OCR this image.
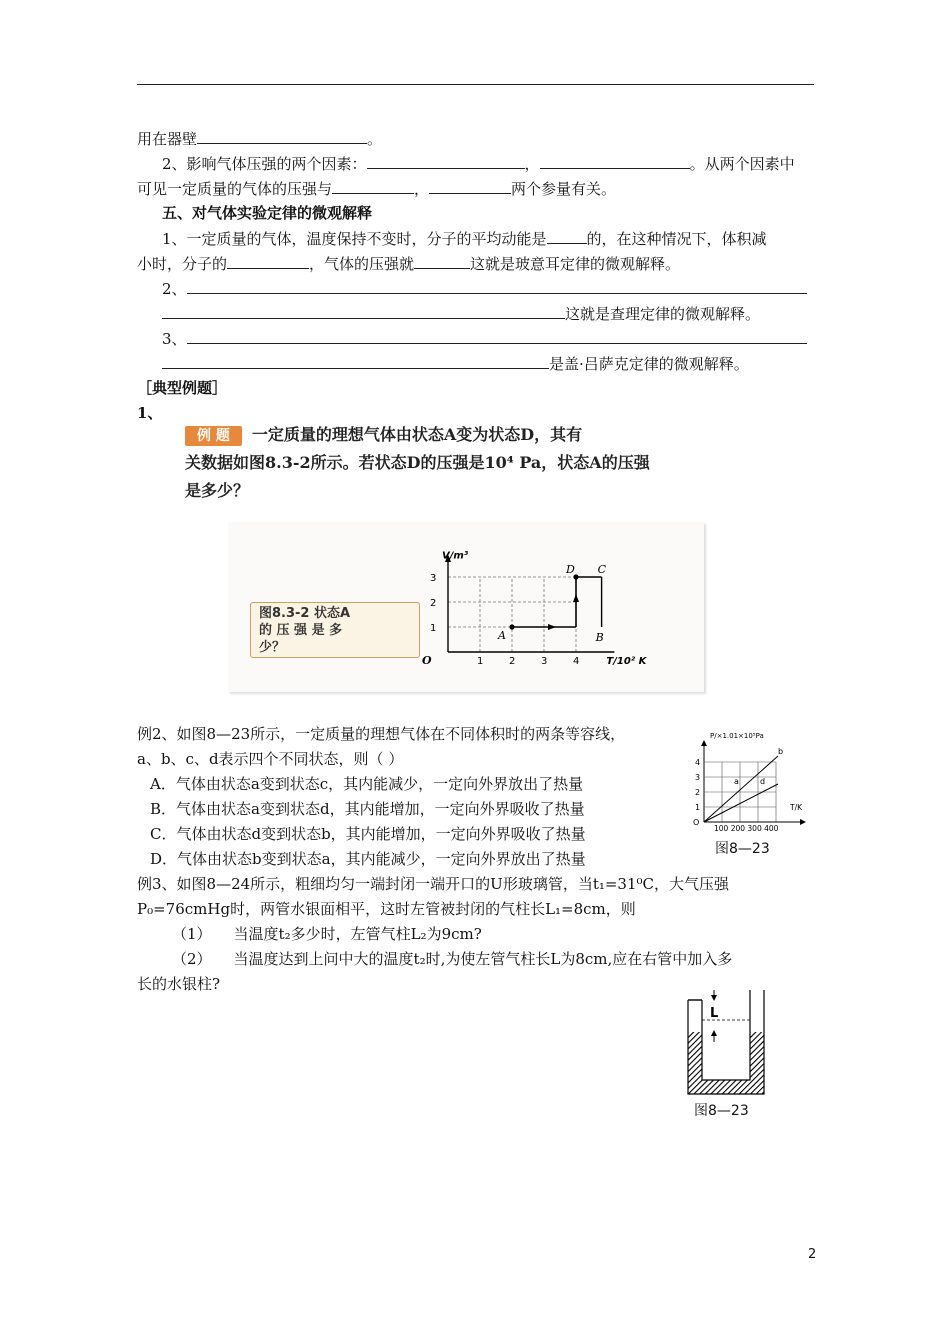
用在器壁	。
2、影响气体压强的两个因素：	，	。从两个因素中
可见一定质量的气体的压强与	，	两个参量有关。
五、对气体实验定律的微观解释
1、一定质量的气体，温度保持不变时，分子的平均动能是	的，在这种情况下，体积减
小时，分子的	，气体的压强就	这就是玻意耳定律的微观解释。
2、
这就是查理定律的微观解释。
3、
是盖·吕萨克定律的微观解释。
［典型例题］
1、
例 题 一定质量的理想气体由状态A变为状态D，其有
关数据如图8.3-2所示。若状态D的压强是10⁴ Pa，状态A的压强
是多少？
图8.3-2 状态A
的 压 强 是 多
少？
V/m³
T/10² K
O	1	2	3	4
1
2
3
A	B
C
D
例2、如图8—23所示，一定质量的理想气体在不同体积时的两条等容线，
a、b、c、d表示四个不同状态，则（ ）
A．气体由状态a变到状态c，其内能减少，一定向外界放出了热量
B．气体由状态a变到状态d，其内能增加，一定向外界吸收了热量
C．气体由状态d变到状态b，其内能增加，一定向外界吸收了热量
D．气体由状态b变到状态a，其内能减少，一定向外界放出了热量
P/×1.01×10⁵Pa
4
3
2
1
O
100 200 300 400
T/K
b
a	d
图8—23
例3、如图8—24所示，粗细均匀一端封闭一端开口的U形玻璃管，当t₁=31⁰C，大气压强
P₀=76cmHg时，两管水银面相平，这时左管被封闭的气柱长L₁=8cm，则
（1） 当温度t₂多少时，左管气柱L₂为9cm?
（2） 当温度达到上问中大的温度t₂时,为使左管气柱长L为8cm,应在右管中加入多
长的水银柱?
L
图8—23
2
